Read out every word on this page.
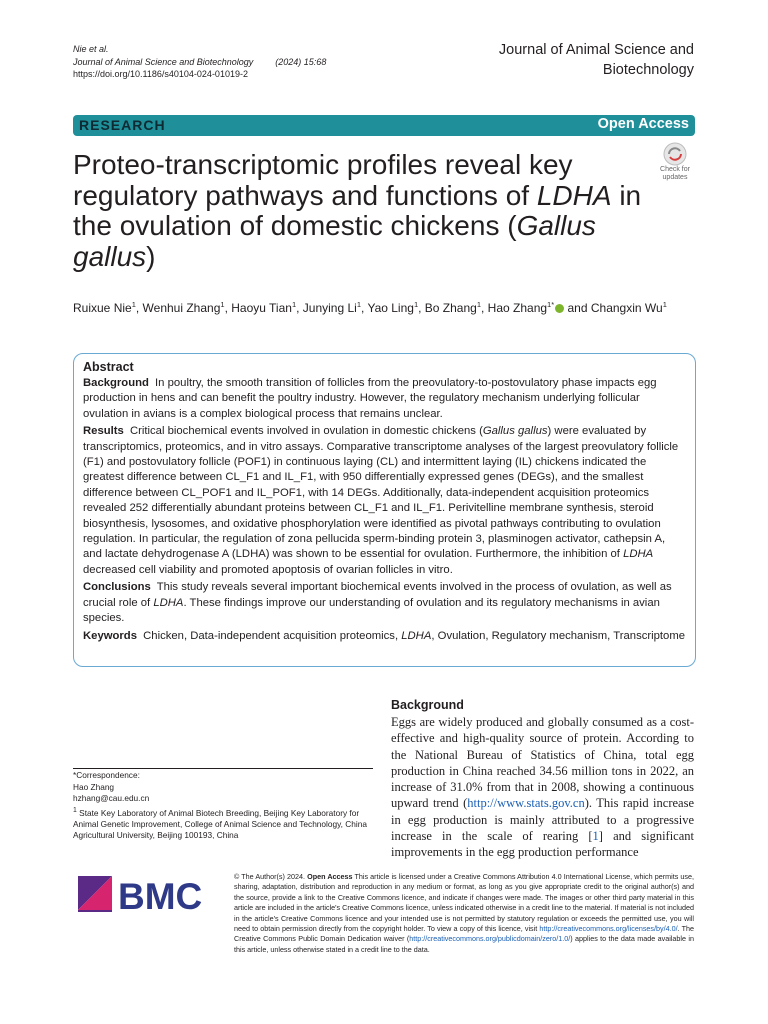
Nie et al.
Journal of Animal Science and Biotechnology (2024) 15:68
https://doi.org/10.1186/s40104-024-01019-2
Journal of Animal Science and
Biotechnology
RESEARCH	Open Access
Proteo-transcriptomic profiles reveal key regulatory pathways and functions of LDHA in the ovulation of domestic chickens (Gallus gallus)
Check for
updates
Ruixue Nie$^1$, Wenhui Zhang$^1$, Haoyu Tian$^1$, Junying Li$^1$, Yao Ling$^1$, Bo Zhang$^1$, Hao Zhang$^{1*}$ and Changxin Wu$^1$
Abstract

Background In poultry, the smooth transition of follicles from the preovulatory-to-postovulatory phase impacts egg production in hens and can benefit the poultry industry. However, the regulatory mechanism underlying follicular ovulation in avians is a complex biological process that remains unclear.

Results Critical biochemical events involved in ovulation in domestic chickens (Gallus gallus) were evaluated by transcriptomics, proteomics, and in vitro assays. Comparative transcriptome analyses of the largest preovulatory follicle (F1) and postovulatory follicle (POF1) in continuous laying (CL) and intermittent laying (IL) chickens indicated the greatest difference between CL_F1 and IL_F1, with 950 differentially expressed genes (DEGs), and the smallest difference between CL_POF1 and IL_POF1, with 14 DEGs. Additionally, data-independent acquisition proteomics revealed 252 differentially abundant proteins between CL_F1 and IL_F1. Perivitelline membrane synthesis, steroid biosynthesis, lysosomes, and oxidative phosphorylation were identified as pivotal pathways contributing to ovulation regulation. In particular, the regulation of zona pellucida sperm-binding protein 3, plasminogen activator, cathepsin A, and lactate dehydrogenase A (LDHA) was shown to be essential for ovulation. Furthermore, the inhibition of LDHA decreased cell viability and promoted apoptosis of ovarian follicles in vitro.

Conclusions This study reveals several important biochemical events involved in the process of ovulation, as well as crucial role of LDHA. These findings improve our understanding of ovulation and its regulatory mechanisms in avian species.

Keywords Chicken, Data-independent acquisition proteomics, LDHA, Ovulation, Regulatory mechanism, Transcriptome

*Correspondence:
Hao Zhang
hzhang@cau.edu.cn
$^1$ State Key Laboratory of Animal Biotech Breeding, Beijing Key Laboratory for Animal Genetic Improvement, College of Animal Science and Technology, China Agricultural University, Beijing 100193, China
Background
Eggs are widely produced and globally consumed as a cost-effective and high-quality source of protein. According to the National Bureau of Statistics of China, total egg production in China reached 34.56 million tons in 2022, an increase of 31.0% from that in 2008, showing a continuous upward trend (http://www.stats.gov.cn). This rapid increase in egg production is mainly attributed to a progressive increase in the scale of rearing [1] and significant improvements in the egg production performance
BMC	© The Author(s) 2024. Open Access This article is licensed under a Creative Commons Attribution 4.0 International License, which permits use, sharing, adaptation, distribution and reproduction in any medium or format, as long as you give appropriate credit to the original author(s) and the source, provide a link to the Creative Commons licence, and indicate if changes were made. The images or other third party material in this article are included in the article's Creative Commons licence, unless indicated otherwise in a credit line to the material. If material is not included in the article's Creative Commons licence and your intended use is not permitted by statutory regulation or exceeds the permitted use, you will need to obtain permission directly from the copyright holder. To view a copy of this licence, visit http://creativecommons.org/licenses/by/4.0/. The Creative Commons Public Domain Dedication waiver (http://creativecommons.org/publicdomain/zero/1.0/) applies to the data made available in this article, unless otherwise stated in a credit line to the data.
